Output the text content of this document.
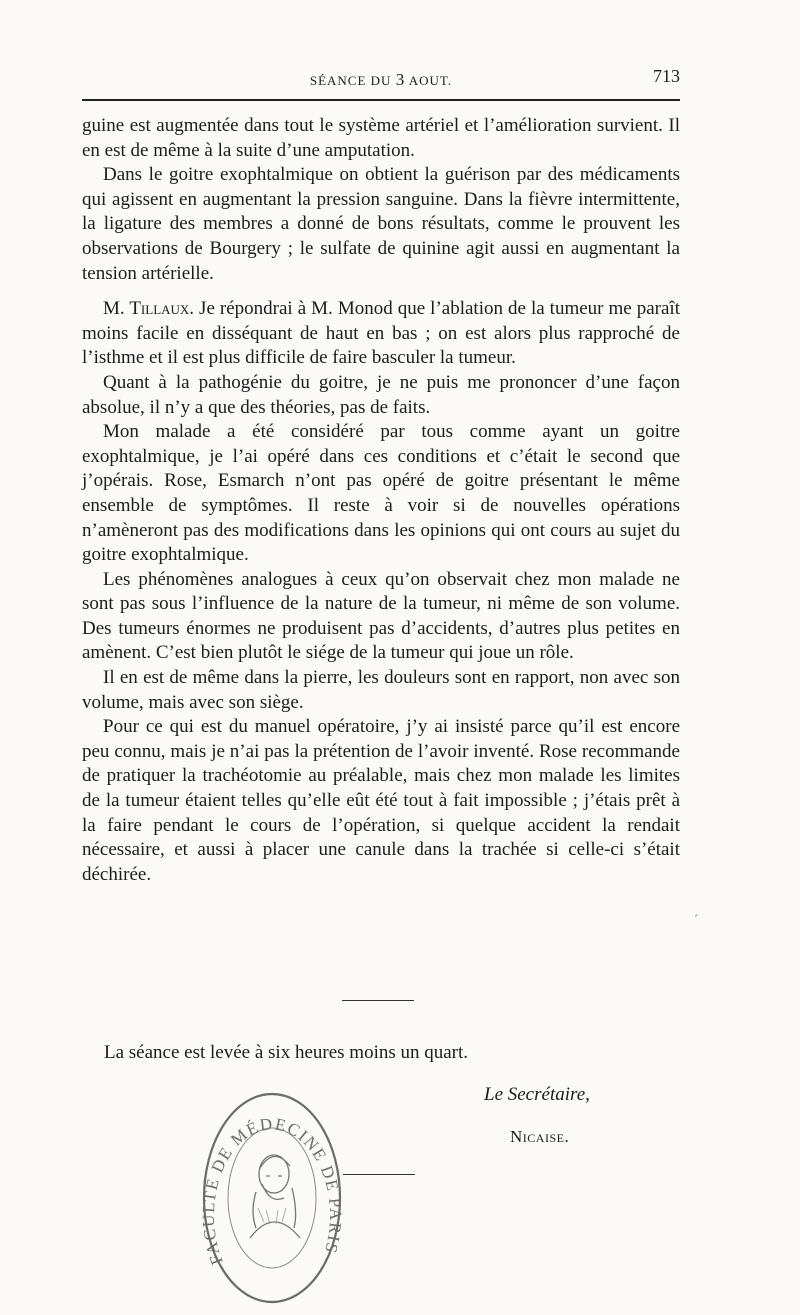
SÉANCE DU 3 AOUT.	713

guine est augmentée dans tout le système artériel et l’amélioration survient. Il en est de même à la suite d’une amputation.

Dans le goitre exophtalmique on obtient la guérison par des médicaments qui agissent en augmentant la pression sanguine. Dans la fièvre intermittente, la ligature des membres a donné de bons résultats, comme le prouvent les observations de Bourgery ; le sulfate de quinine agit aussi en augmentant la tension artérielle.

M. Tillaux. Je répondrai à M. Monod que l’ablation de la tumeur me paraît moins facile en disséquant de haut en bas ; on est alors plus rapproché de l’isthme et il est plus difficile de faire basculer la tumeur.

Quant à la pathogénie du goitre, je ne puis me prononcer d’une façon absolue, il n’y a que des théories, pas de faits.

Mon malade a été considéré par tous comme ayant un goitre exophtalmique, je l’ai opéré dans ces conditions et c’était le second que j’opérais. Rose, Esmarch n’ont pas opéré de goitre présentant le même ensemble de symptômes. Il reste à voir si de nouvelles opérations n’amèneront pas des modifications dans les opinions qui ont cours au sujet du goitre exophtalmique.

Les phénomènes analogues à ceux qu’on observait chez mon malade ne sont pas sous l’influence de la nature de la tumeur, ni même de son volume. Des tumeurs énormes ne produisent pas d’accidents, d’autres plus petites en amènent. C’est bien plutôt le siége de la tumeur qui joue un rôle.

Il en est de même dans la pierre, les douleurs sont en rapport, non avec son volume, mais avec son siège.

Pour ce qui est du manuel opératoire, j’y ai insisté parce qu’il est encore peu connu, mais je n’ai pas la prétention de l’avoir inventé. Rose recommande de pratiquer la trachéotomie au préalable, mais chez mon malade les limites de la tumeur étaient telles qu’elle eût été tout à fait impossible ; j’étais prêt à la faire pendant le cours de l’opération, si quelque accident la rendait nécessaire, et aussi à placer une canule dans la trachée si celle-ci s’était déchirée.

La séance est levée à six heures moins un quart.
Le Secrétaire,
Nicaise.
FACULTÉ DE MÉDECINE DE PARIS
ˊ
